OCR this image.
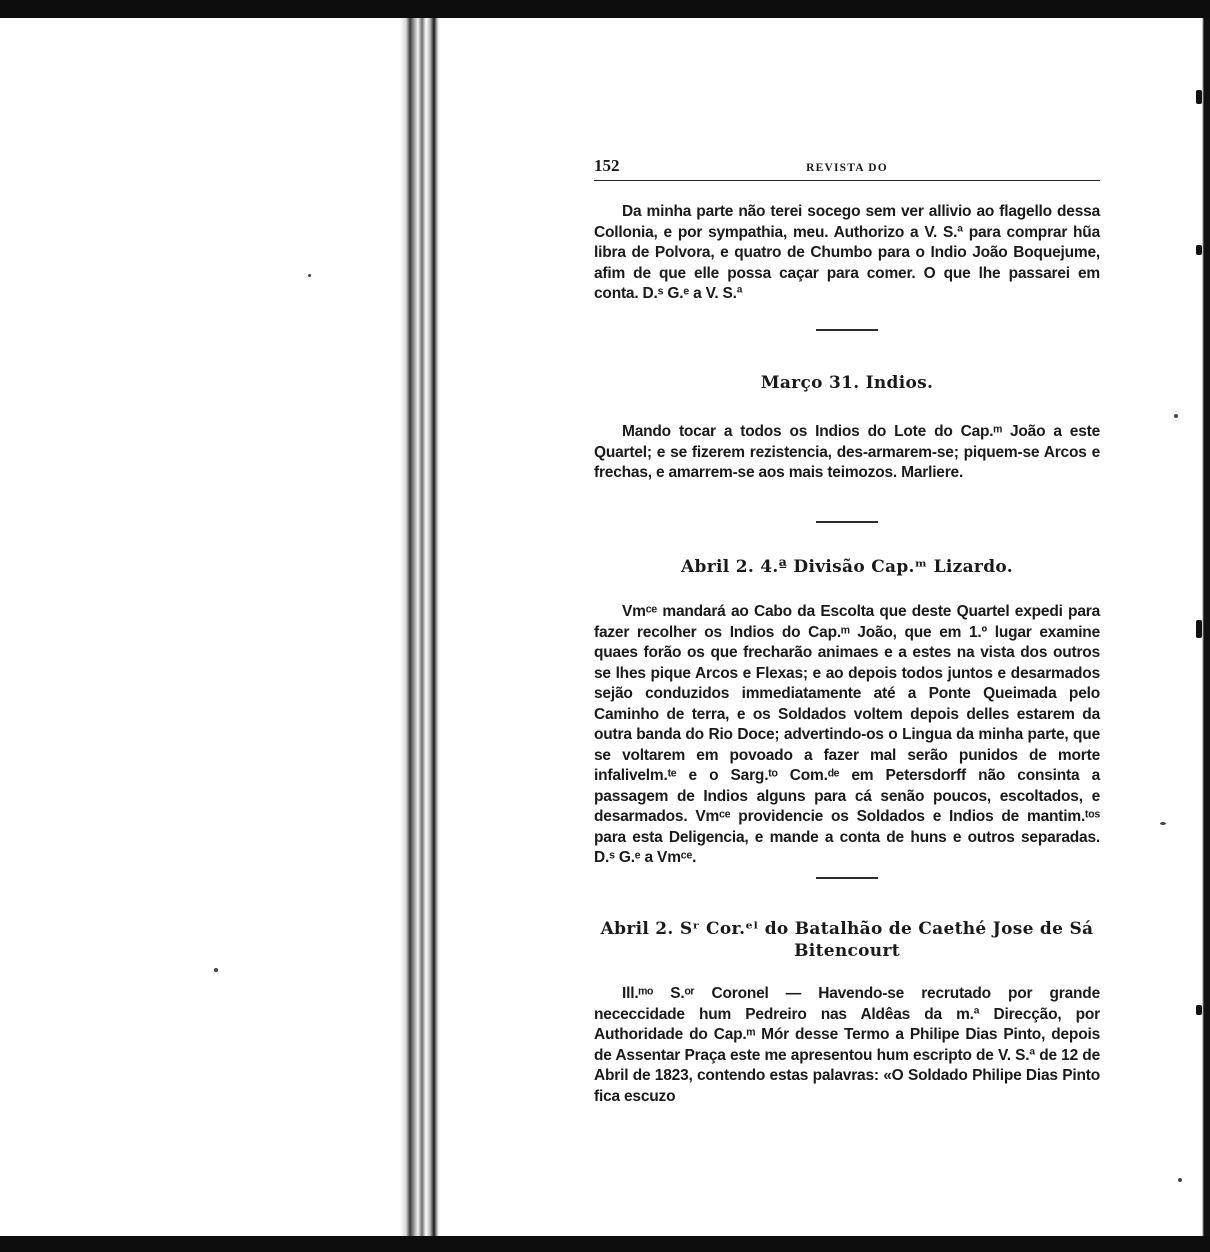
152	REVISTA DO

Da minha parte não terei socego sem ver allivio ao flagello dessa Collonia, e por sympathia, meu. Authorizo a V. S.ª para comprar hũa libra de Polvora, e quatro de Chumbo para o Indio João Boquejume, afim de que elle possa caçar para comer. O que lhe passarei em conta. D.ˢ G.ᵉ a V. S.ª

Março 31. Indios.

Mando tocar a todos os Indios do Lote do Cap.ᵐ João a este Quartel; e se fizerem rezistencia, des-armarem-se; piquem-se Arcos e frechas, e amarrem-se aos mais teimozos. Marliere.

Abril 2. 4.ª Divisão Cap.ᵐ Lizardo.

Vmᶜᵉ mandará ao Cabo da Escolta que deste Quartel expedi para fazer recolher os Indios do Cap.ᵐ João, que em 1.º lugar examine quaes forão os que frecharão animaes e a estes na vista dos outros se lhes pique Arcos e Flexas; e ao depois todos juntos e desarmados sejão conduzidos immediatamente até a Ponte Queimada pelo Caminho de terra, e os Soldados voltem depois delles estarem da outra banda do Rio Doce; advertindo-os o Lingua da minha parte, que se voltarem em povoado a fazer mal serão punidos de morte infalivelm.ᵗᵉ e o Sarg.ᵗᵒ Com.ᵈᵉ em Petersdorff não consinta a passagem de Indios alguns para cá senão poucos, escoltados, e desarmados. Vmᶜᵉ providencie os Soldados e Indios de mantim.ᵗᵒˢ para esta Deligencia, e mande a conta de huns e outros separadas. D.ˢ G.ᵉ a Vmᶜᵉ.

Abril 2. Sʳ Cor.ᵉˡ do Batalhão de Caethé Jose de Sá Bitencourt

Ill.ᵐᵒ S.ᵒʳ Coronel — Havendo-se recrutado por grande nececcidade hum Pedreiro nas Aldêas da m.ª Direcção, por Authoridade do Cap.ᵐ Mór desse Termo a Philipe Dias Pinto, depois de Assentar Praça este me apresentou hum escripto de V. S.ª de 12 de Abril de 1823, contendo estas palavras: «O Soldado Philipe Dias Pinto fica escuzo
